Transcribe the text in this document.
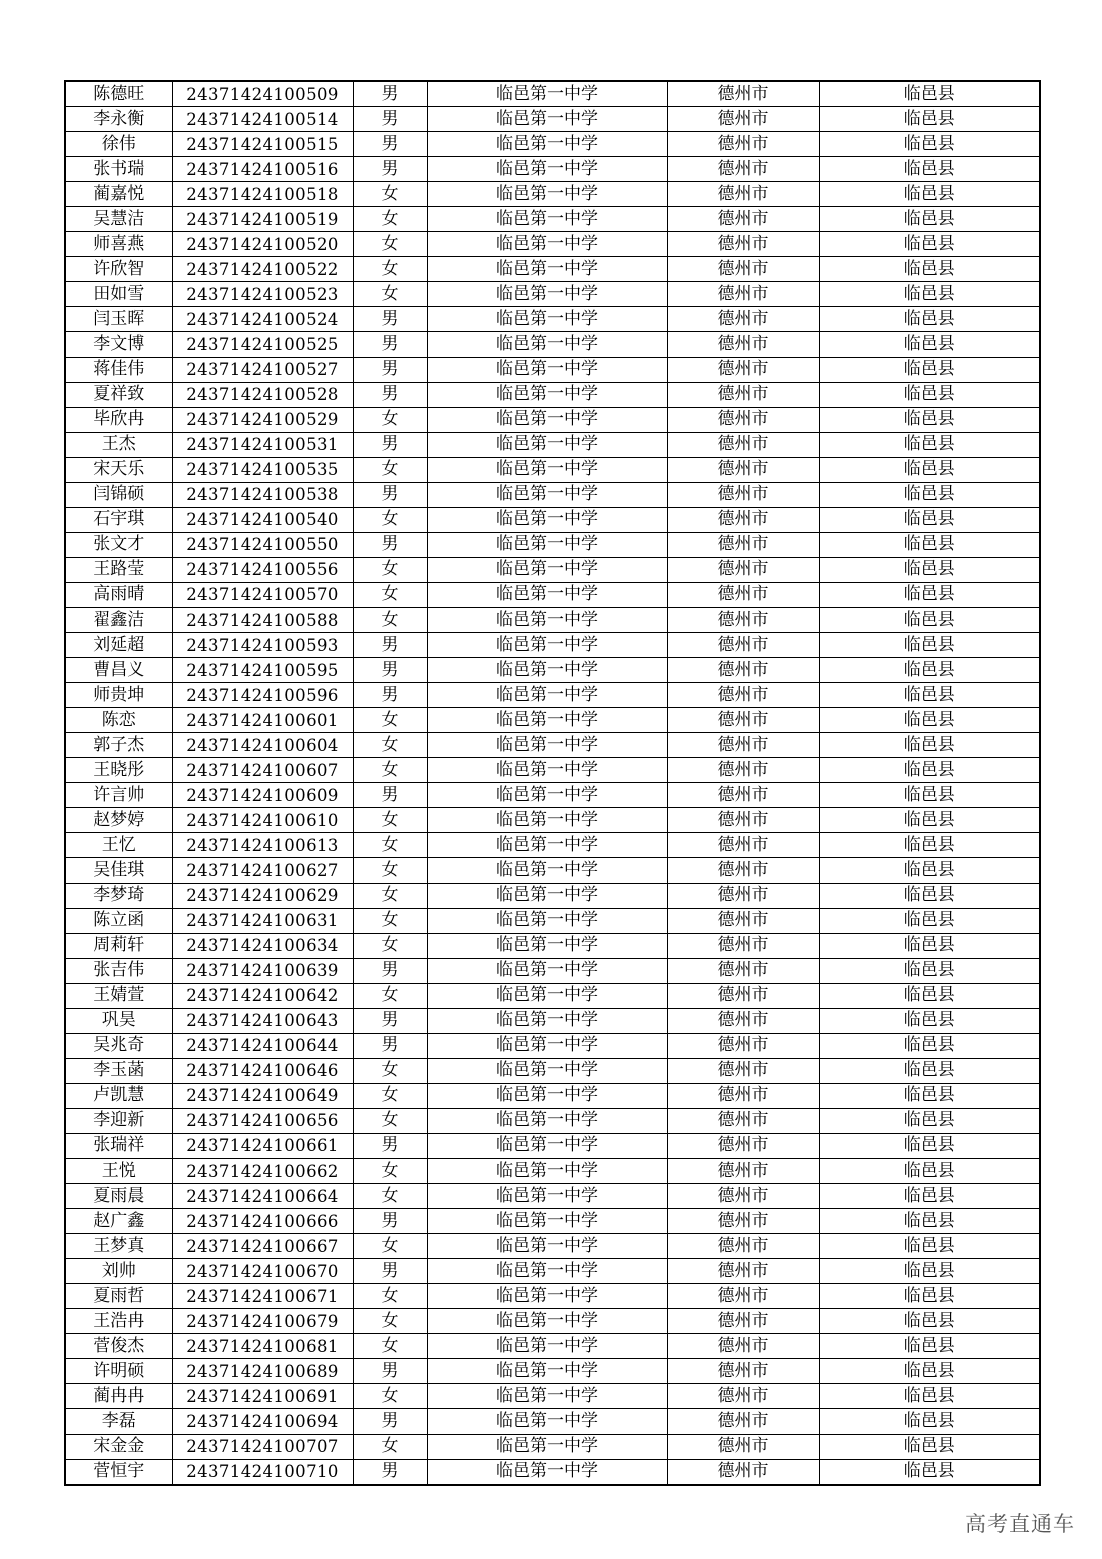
陈德旺	24371424100509	男	临邑第一中学	德州市	临邑县
李永衡	24371424100514	男	临邑第一中学	德州市	临邑县
徐伟	24371424100515	男	临邑第一中学	德州市	临邑县
张书瑞	24371424100516	男	临邑第一中学	德州市	临邑县
蔺嘉悦	24371424100518	女	临邑第一中学	德州市	临邑县
吴慧洁	24371424100519	女	临邑第一中学	德州市	临邑县
师喜燕	24371424100520	女	临邑第一中学	德州市	临邑县
许欣智	24371424100522	女	临邑第一中学	德州市	临邑县
田如雪	24371424100523	女	临邑第一中学	德州市	临邑县
闫玉晖	24371424100524	男	临邑第一中学	德州市	临邑县
李文博	24371424100525	男	临邑第一中学	德州市	临邑县
蒋佳伟	24371424100527	男	临邑第一中学	德州市	临邑县
夏祥致	24371424100528	男	临邑第一中学	德州市	临邑县
毕欣冉	24371424100529	女	临邑第一中学	德州市	临邑县
王杰	24371424100531	男	临邑第一中学	德州市	临邑县
宋天乐	24371424100535	女	临邑第一中学	德州市	临邑县
闫锦硕	24371424100538	男	临邑第一中学	德州市	临邑县
石宇琪	24371424100540	女	临邑第一中学	德州市	临邑县
张文才	24371424100550	男	临邑第一中学	德州市	临邑县
王路莹	24371424100556	女	临邑第一中学	德州市	临邑县
高雨晴	24371424100570	女	临邑第一中学	德州市	临邑县
翟鑫洁	24371424100588	女	临邑第一中学	德州市	临邑县
刘延超	24371424100593	男	临邑第一中学	德州市	临邑县
曹昌义	24371424100595	男	临邑第一中学	德州市	临邑县
师贵坤	24371424100596	男	临邑第一中学	德州市	临邑县
陈恋	24371424100601	女	临邑第一中学	德州市	临邑县
郭子杰	24371424100604	女	临邑第一中学	德州市	临邑县
王晓彤	24371424100607	女	临邑第一中学	德州市	临邑县
许言帅	24371424100609	男	临邑第一中学	德州市	临邑县
赵梦婷	24371424100610	女	临邑第一中学	德州市	临邑县
王忆	24371424100613	女	临邑第一中学	德州市	临邑县
吴佳琪	24371424100627	女	临邑第一中学	德州市	临邑县
李梦琦	24371424100629	女	临邑第一中学	德州市	临邑县
陈立函	24371424100631	女	临邑第一中学	德州市	临邑县
周莉轩	24371424100634	女	临邑第一中学	德州市	临邑县
张吉伟	24371424100639	男	临邑第一中学	德州市	临邑县
王婧萱	24371424100642	女	临邑第一中学	德州市	临邑县
巩昊	24371424100643	男	临邑第一中学	德州市	临邑县
吴兆奇	24371424100644	男	临邑第一中学	德州市	临邑县
李玉菡	24371424100646	女	临邑第一中学	德州市	临邑县
卢凯慧	24371424100649	女	临邑第一中学	德州市	临邑县
李迎新	24371424100656	女	临邑第一中学	德州市	临邑县
张瑞祥	24371424100661	男	临邑第一中学	德州市	临邑县
王悦	24371424100662	女	临邑第一中学	德州市	临邑县
夏雨晨	24371424100664	女	临邑第一中学	德州市	临邑县
赵广鑫	24371424100666	男	临邑第一中学	德州市	临邑县
王梦真	24371424100667	女	临邑第一中学	德州市	临邑县
刘帅	24371424100670	男	临邑第一中学	德州市	临邑县
夏雨哲	24371424100671	女	临邑第一中学	德州市	临邑县
王浩冉	24371424100679	女	临邑第一中学	德州市	临邑县
菅俊杰	24371424100681	女	临邑第一中学	德州市	临邑县
许明硕	24371424100689	男	临邑第一中学	德州市	临邑县
蔺冉冉	24371424100691	女	临邑第一中学	德州市	临邑县
李磊	24371424100694	男	临邑第一中学	德州市	临邑县
宋金金	24371424100707	女	临邑第一中学	德州市	临邑县
菅恒宇	24371424100710	男	临邑第一中学	德州市	临邑县
高考直通车
